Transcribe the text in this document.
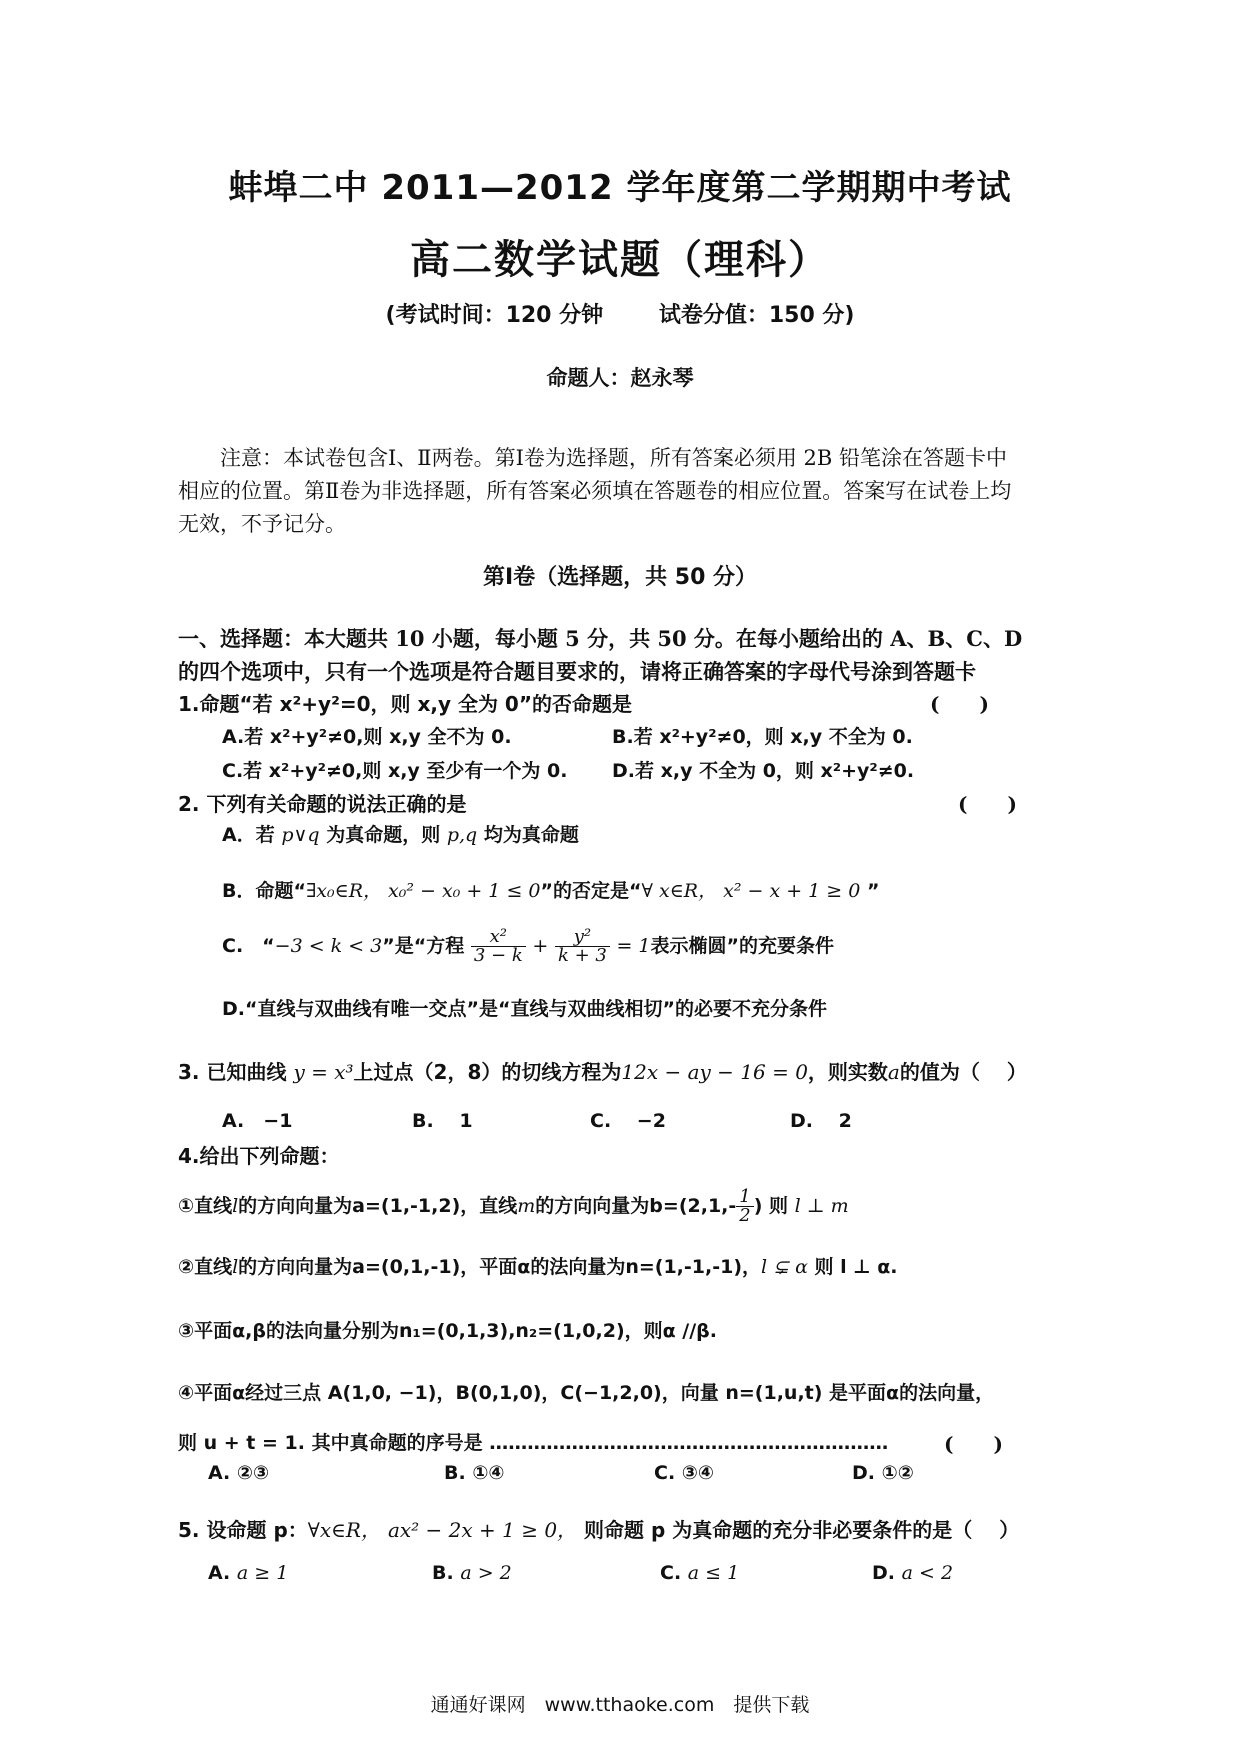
蚌埠二中 2011—2012 学年度第二学期期中考试
高二数学试题（理科）
(考试时间：120 分钟	试卷分值：150 分)
命题人：赵永琴

注意：本试卷包含Ⅰ、Ⅱ两卷。第Ⅰ卷为选择题，所有答案必须用 2B 铅笔涂在答题卡中

相应的位置。第Ⅱ卷为非选择题，所有答案必须填在答题卷的相应位置。答案写在试卷上均
无效，不予记分。
第Ⅰ卷（选择题，共 50 分）
一、选择题：本大题共 10 小题，每小题 5 分，共 50 分。在每小题给出的 A、B、C、D
的四个选项中，只有一个选项是符合题目要求的，请将正确答案的字母代号涂到答题卡
1.命题“若 x²+y²=0，则 x,y 全为 0”的否命题是	(　　)
A.若 x²+y²≠0,则 x,y 全不为 0.	B.若 x²+y²≠0，则 x,y 不全为 0.
C.若 x²+y²≠0,则 x,y 至少有一个为 0. D.若 x,y 不全为 0，则 x²+y²≠0.
2. 下列有关命题的说法正确的是	(　　)
A．若 p∨q 为真命题，则 p,q 均为真命题
B．命题“∃x₀∈R， x₀² − x₀ + 1 ≤ 0”的否定是“∀ x∈R， x² − x + 1 ≥ 0 ”
C.　“−3 < k < 3”是“方程 $\frac{\text{x²}}{3 - k} + \frac{\text{y²}}{k + 3} = 1$表示椭圆”的充要条件
D.“直线与双曲线有唯一交点”是“直线与双曲线相切”的必要不充分条件
3. 已知曲线 y = x³上过点（2，8）的切线方程为12x − ay − 16 = 0，则实数a的值为（　 ）
A.　−1	B.　 1	C.　 −2	D.　 2
4.给出下列命题：
①直线l的方向向量为a=(1,-1,2)，直线m的方向向量为$b=(2,1,- \frac{1}{2}$ ) 则 l ⊥ m
②直线l的方向向量为a=(0,1,-1)，平面α的法向量为n=(1,-1,-1)，l ⊊ α 则 l ⊥ α.
③平面α,β的法向量分别为n₁=(0,1,3),n₂=(1,0,2)，则α //β.
④平面α经过三点 A(1,0, −1)，B(0,1,0)，C(−1,2,0)，向量 n=(1,u,t) 是平面α的法向量，
则 u + t = 1. 其中真命题的序号是 ………………………………………………………	(　　)
A. ②③	B. ①④	C. ③④	D. ①②
5. 设命题 p：∀x∈R， ax² − 2x + 1 ≥ 0， 则命题 p 为真命题的充分非必要条件的是（　 ）
A. a ≥ 1	B. a > 2	C. a ≤ 1	D. a < 2
通通好课网　www.tthaoke.com　提供下载
